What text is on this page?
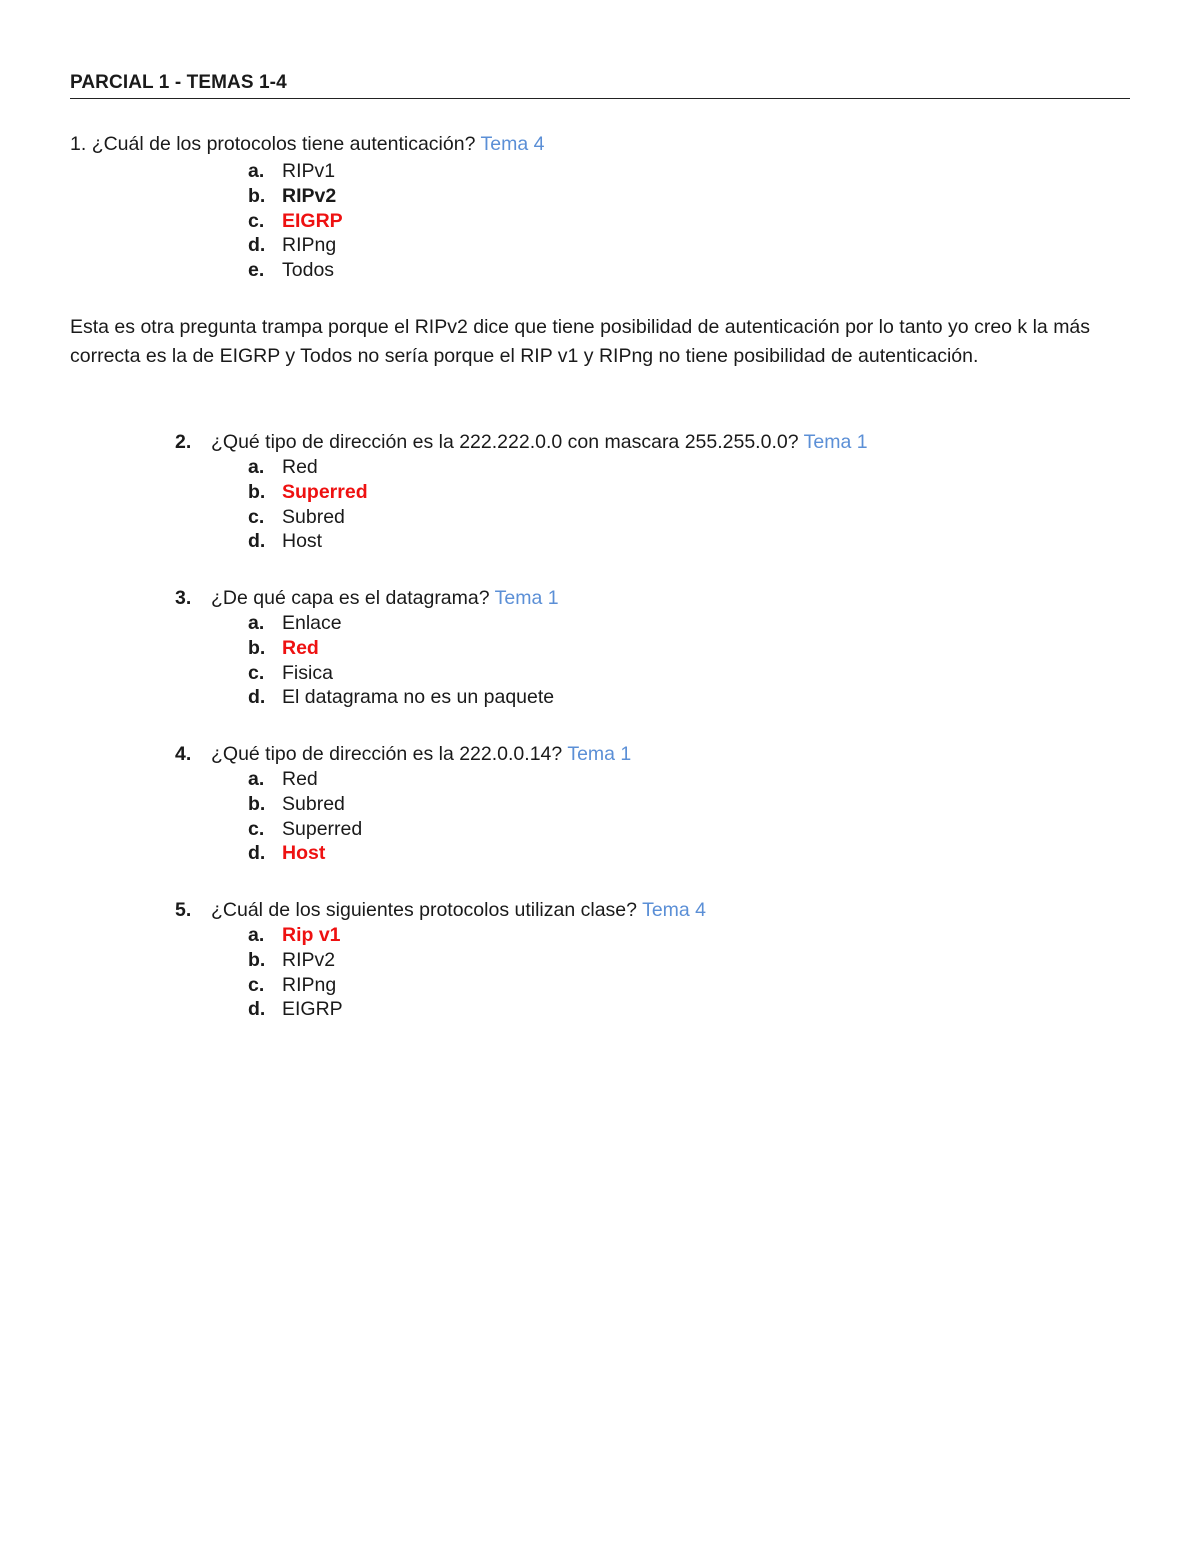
PARCIAL 1 - TEMAS 1-4
1. ¿Cuál de los protocolos tiene autenticación? Tema 4
a. RIPv1
b. RIPv2
c. EIGRP
d. RIPng
e. Todos

Esta es otra pregunta trampa porque el RIPv2 dice que tiene posibilidad de autenticación por lo tanto yo creo k la más correcta es la de EIGRP y Todos no sería porque el RIP v1 y RIPng no tiene posibilidad de autenticación.

2. ¿Qué tipo de dirección es la 222.222.0.0 con mascara 255.255.0.0? Tema 1
a. Red
b. Superred
c. Subred
d. Host
3. ¿De qué capa es el datagrama? Tema 1
a. Enlace
b. Red
c. Fisica
d. El datagrama no es un paquete
4. ¿Qué tipo de dirección es la 222.0.0.14? Tema 1
a. Red
b. Subred
c. Superred
d. Host
5. ¿Cuál de los siguientes protocolos utilizan clase? Tema 4
a. Rip v1
b. RIPv2
c. RIPng
d. EIGRP
